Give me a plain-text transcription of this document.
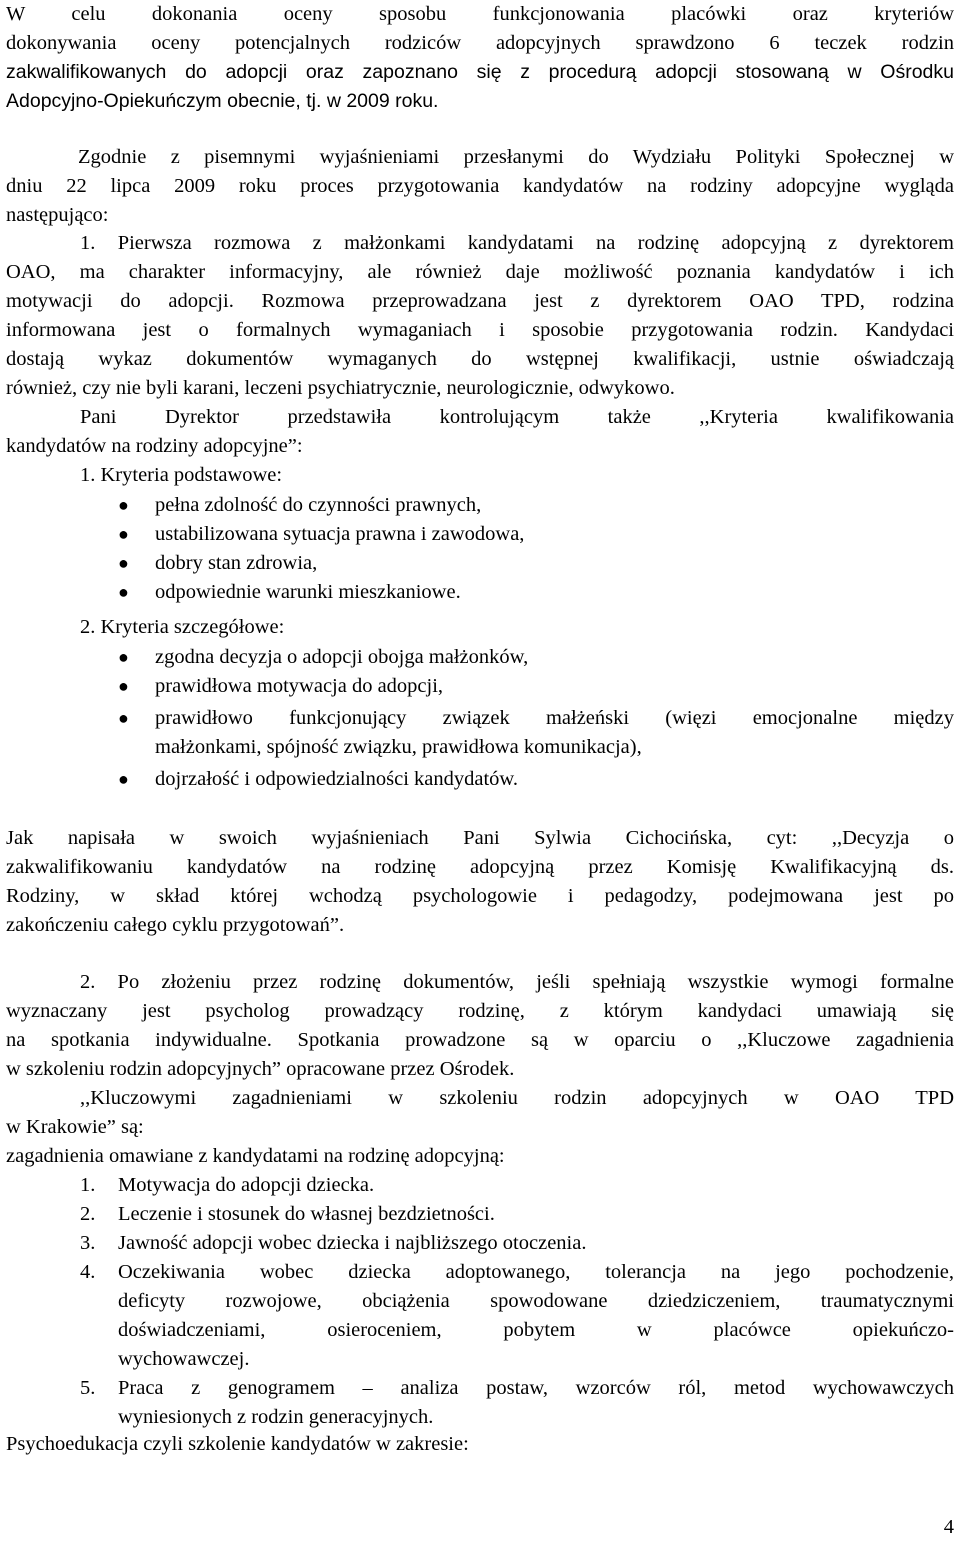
W celu dokonania oceny sposobu funkcjonowania placówki oraz kryteriów
dokonywania oceny potencjalnych rodziców adopcyjnych sprawdzono 6 teczek rodzin
zakwalifikowanych do adopcji oraz zapoznano się z procedurą adopcji stosowaną w Ośrodku
Adopcyjno-Opiekuńczym obecnie, tj. w 2009 roku.
Zgodnie z pisemnymi wyjaśnieniami przesłanymi do Wydziału Polityki Społecznej w
dniu 22 lipca 2009 roku proces przygotowania kandydatów na rodziny adopcyjne wygląda
następująco:
1. Pierwsza rozmowa z małżonkami kandydatami na rodzinę adopcyjną z dyrektorem
OAO, ma charakter informacyjny, ale również daje możliwość poznania kandydatów i ich
motywacji do adopcji. Rozmowa przeprowadzana jest z dyrektorem OAO TPD, rodzina
informowana jest o formalnych wymaganiach i sposobie przygotowania rodzin. Kandydaci
dostają wykaz dokumentów wymaganych do wstępnej kwalifikacji, ustnie oświadczają
również, czy nie byli karani, leczeni psychiatrycznie, neurologicznie, odwykowo.
Pani Dyrektor przedstawiła kontrolującym także ,,Kryteria kwalifikowania
kandydatów na rodziny adopcyjne”:
1. Kryteria podstawowe:
● pełna zdolność do czynności prawnych,
● ustabilizowana sytuacja prawna i zawodowa,
● dobry stan zdrowia,
● odpowiednie warunki mieszkaniowe.
2. Kryteria szczegółowe:
● zgodna decyzja o adopcji obojga małżonków,
● prawidłowa motywacja do adopcji,
● prawidłowo funkcjonujący związek małżeński (więzi emocjonalne między
małżonkami, spójność związku, prawidłowa komunikacja),
● dojrzałość i odpowiedzialności kandydatów.
Jak napisała w swoich wyjaśnieniach Pani Sylwia Cichocińska, cyt: ,,Decyzja o
zakwalifikowaniu kandydatów na rodzinę adopcyjną przez Komisję Kwalifikacyjną ds.
Rodziny, w skład której wchodzą psychologowie i pedagodzy, podejmowana jest po
zakończeniu całego cyklu przygotowań”.
2. Po złożeniu przez rodzinę dokumentów, jeśli spełniają wszystkie wymogi formalne
wyznaczany jest psycholog prowadzący rodzinę, z którym kandydaci umawiają się
na spotkania indywidualne. Spotkania prowadzone są w oparciu o ,,Kluczowe zagadnienia
w szkoleniu rodzin adopcyjnych” opracowane przez Ośrodek.
,,Kluczowymi zagadnieniami w szkoleniu rodzin adopcyjnych w OAO TPD
w Krakowie” są:
zagadnienia omawiane z kandydatami na rodzinę adopcyjną:
1. Motywacja do adopcji dziecka.
2. Leczenie i stosunek do własnej bezdzietności.
3. Jawność adopcji wobec dziecka i najbliższego otoczenia.
4. Oczekiwania wobec dziecka adoptowanego, tolerancja na jego pochodzenie,
deficyty rozwojowe, obciążenia spowodowane dziedziczeniem, traumatycznymi
doświadczeniami, osieroceniem, pobytem w placówce opiekuńczo-
wychowawczej.
5. Praca z genogramem – analiza postaw, wzorców ról, metod wychowawczych
wyniesionych z rodzin generacyjnych.
Psychoedukacja czyli szkolenie kandydatów w zakresie:
4
